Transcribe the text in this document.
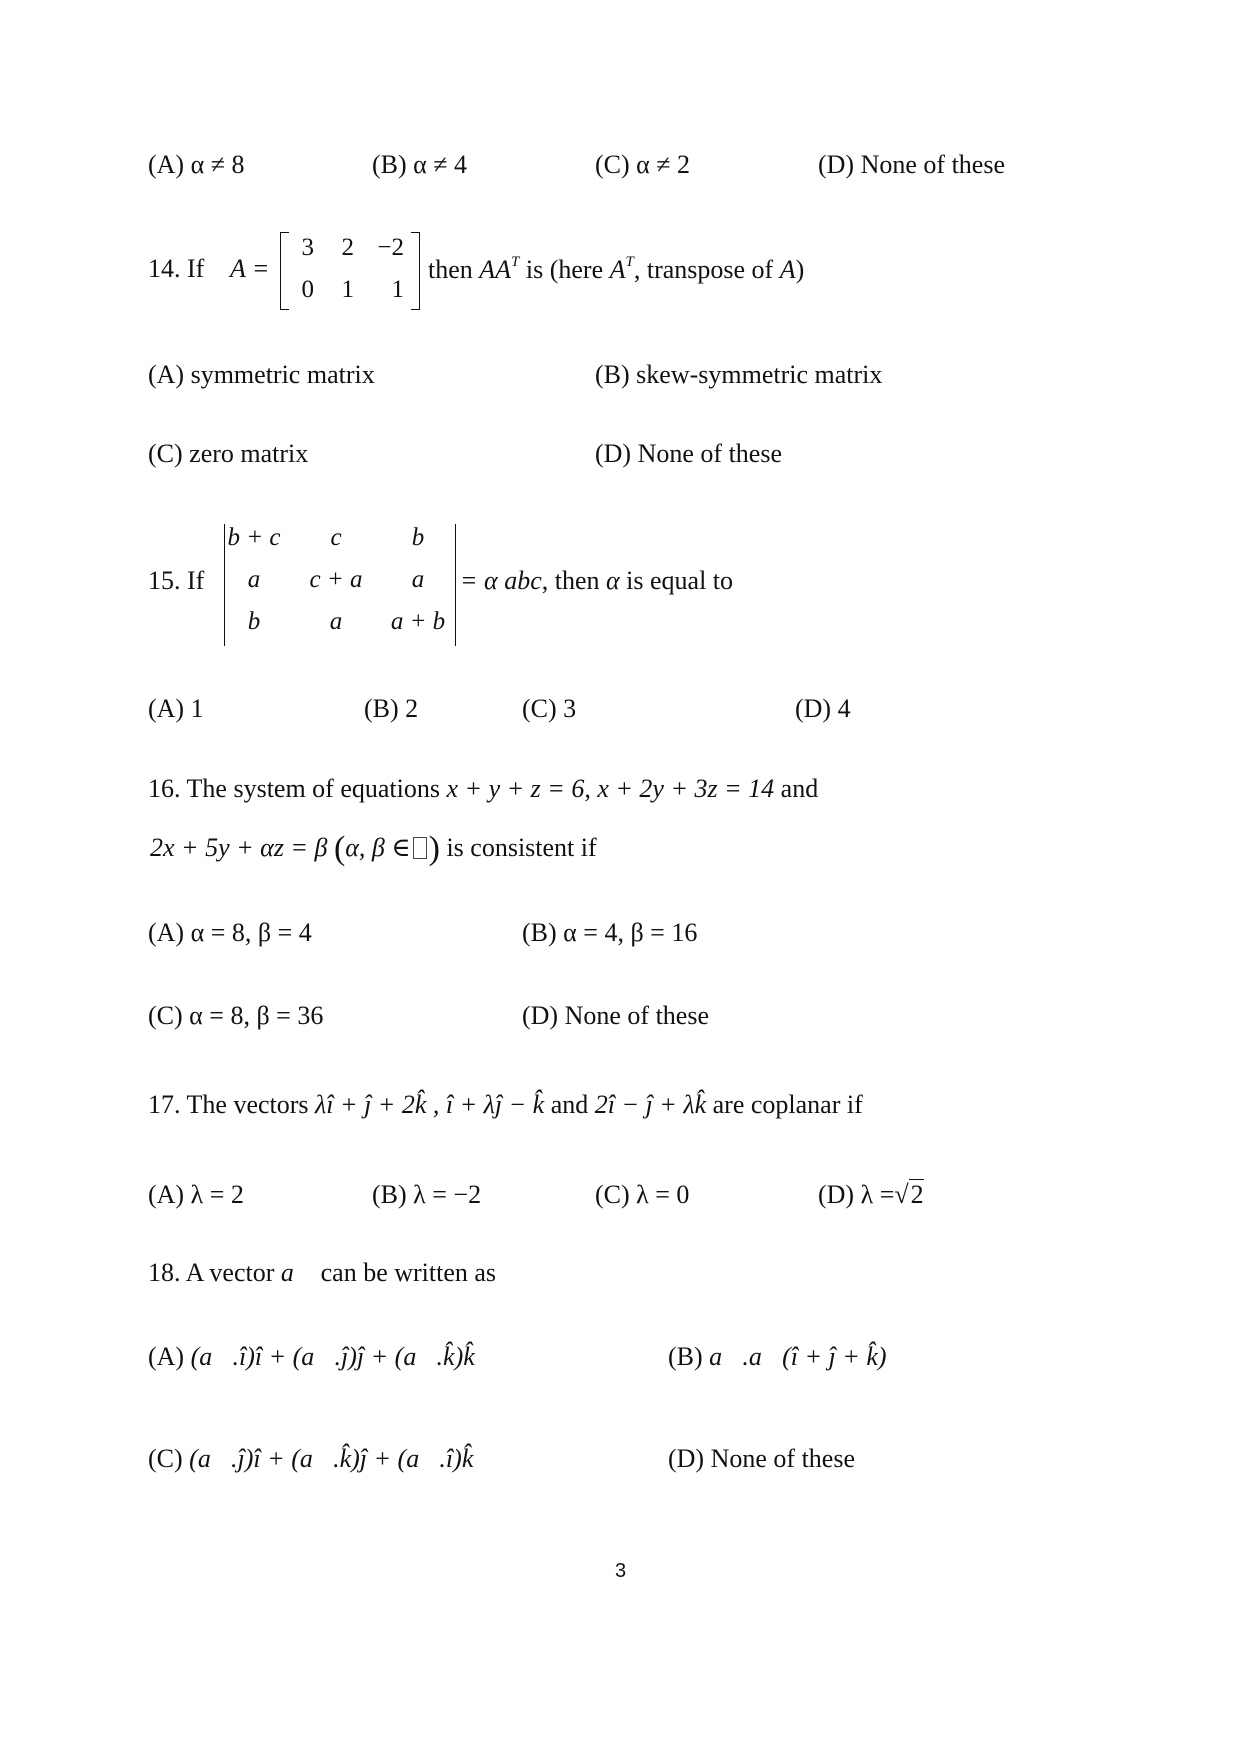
(A) α ≠ 8	(B) α ≠ 4	(C) α ≠ 2	(D) None of these
14. If A =
3	2 −2
0	1	1
then $AA^T$ is (here $A^T$, transpose of A)
(A) symmetric matrix	(B) skew-symmetric matrix
(C) zero matrix	(D) None of these
15. If
b + c	c	b
a	c + a	a
b	a	a + b
= α abc, then α is equal to
(A) 1	(B) 2	(C) 3	(D) 4
16. The system of equations x + y + z = 6, x + 2y + 3z = 14 and
2x + 5y + αz = β (α, β ∈ ) is consistent if
(A) α = 8, β = 4	(B) α = 4, β = 16
(C) α = 8, β = 36	(D) None of these
17. The vectors λî + ĵ + 2k̂ , î + λĵ − k̂ and 2î − ĵ + λk̂ are coplanar if
(A) λ = 2	(B) λ = −2	(C) λ = 0	(D) λ =√2
18. A vector a⃗ can be written as
(A) (a⃗.î)î + (a⃗.ĵ)ĵ + (a⃗.k̂)k̂	(B) a⃗.a⃗(î + ĵ + k̂)
(C) (a⃗.ĵ)î + (a⃗.k̂)ĵ + (a⃗.î)k̂	(D) None of these
3
